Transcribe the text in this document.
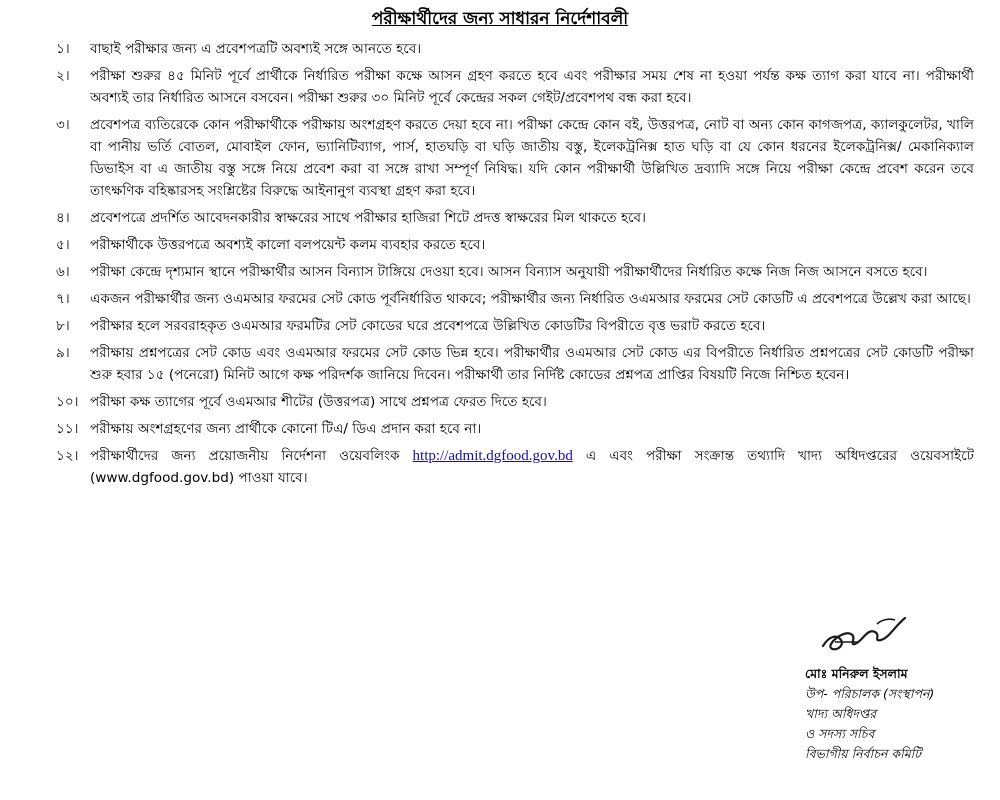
পরীক্ষার্থীদের জন্য সাধারন নির্দেশাবলী
১।	বাছাই পরীক্ষার জন্য এ প্রবেশপত্রটি অবশ্যই সঙ্গে আনতে হবে।
২।	পরীক্ষা শুরুর ৪৫ মিনিট পূর্বে প্রার্থীকে নির্ধারিত পরীক্ষা কক্ষে আসন গ্রহণ করতে হবে এবং পরীক্ষার সময় শেষ না হওয়া পর্যন্ত কক্ষ ত্যাগ করা যাবে না। পরীক্ষার্থী অবশ্যই তার নির্ধারিত আসনে বসবেন। পরীক্ষা শুরুর ৩০ মিনিট পূর্বে কেন্দ্রের সকল গেইট/প্রবেশপথ বন্ধ করা হবে।
৩।	প্রবেশপত্র ব্যতিরেকে কোন পরীক্ষার্থীকে পরীক্ষায় অংশগ্রহণ করতে দেয়া হবে না। পরীক্ষা কেন্দ্রে কোন বই, উত্তরপত্র, নোট বা অন্য কোন কাগজপত্র, ক্যালকুলেটর, খালি বা পানীয় ভর্তি বোতল, মোবাইল ফোন, ভ্যানিটিব্যাগ, পার্স, হাতঘড়ি বা ঘড়ি জাতীয় বস্তু, ইলেকট্রনিক্স হাত ঘড়ি বা যে কোন ধরনের ইলেকট্রনিক্স/ মেকানিক্যাল ডিভাইস বা এ জাতীয় বস্তু সঙ্গে নিয়ে প্রবেশ করা বা সঙ্গে রাখা সম্পূর্ণ নিষিদ্ধ। যদি কোন পরীক্ষার্থী উল্লিখিত দ্রব্যাদি সঙ্গে নিয়ে পরীক্ষা কেন্দ্রে প্রবেশ করেন তবে তাৎক্ষণিক বহিষ্কারসহ সংশ্লিষ্টের বিরুদ্ধে আইনানুগ ব্যবস্থা গ্রহণ করা হবে।
৪।	প্রবেশপত্রে প্রদর্শিত আবেদনকারীর স্বাক্ষরের সাথে পরীক্ষার হাজিরা শিটে প্রদত্ত স্বাক্ষরের মিল থাকতে হবে।
৫।	পরীক্ষার্থীকে উত্তরপত্রে অবশ্যই কালো বলপয়েন্ট কলম ব্যবহার করতে হবে।
৬।	পরীক্ষা কেন্দ্রে দৃশ্যমান স্থানে পরীক্ষার্থীর আসন বিন্যাস টাঙ্গিয়ে দেওয়া হবে। আসন বিন্যাস অনুযায়ী পরীক্ষার্থীদের নির্ধারিত কক্ষে নিজ নিজ আসনে বসতে হবে।
৭।	একজন পরীক্ষার্থীর জন্য ওএমআর ফরমের সেট কোড পূর্বনির্ধারিত থাকবে; পরীক্ষার্থীর জন্য নির্ধারিত ওএমআর ফরমের সেট কোডটি এ প্রবেশপত্রে উল্লেখ করা আছে।
৮।	পরীক্ষার হলে সরবরাহকৃত ওএমআর ফরমটির সেট কোডের ঘরে প্রবেশপত্রে উল্লিখিত কোডটির বিপরীতে বৃত্ত ভরাট করতে হবে।
৯।	পরীক্ষায় প্রশ্নপত্রের সেট কোড এবং ওএমআর ফরমের সেট কোড ভিন্ন হবে। পরীক্ষার্থীর ওএমআর সেট কোড এর বিপরীতে নির্ধারিত প্রশ্নপত্রের সেট কোডটি পরীক্ষা শুরু হবার ১৫ (পনেরো) মিনিট আগে কক্ষ পরিদর্শক জানিয়ে দিবেন। পরীক্ষার্থী তার নির্দিষ্ট কোডের প্রশ্নপত্র প্রাপ্তির বিষয়টি নিজে নিশ্চিত হবেন।
১০। পরীক্ষা কক্ষ ত্যাগের পূর্বে ওএমআর শীটের (উত্তরপত্র) সাথে প্রশ্নপত্র ফেরত দিতে হবে।
১১। পরীক্ষায় অংশগ্রহণের জন্য প্রার্থীকে কোনো টিএ/ ডিএ প্রদান করা হবে না।
১২। পরীক্ষার্থীদের জন্য প্রয়োজনীয় নির্দেশনা ওয়েবলিংক http://admit.dgfood.gov.bd এ এবং পরীক্ষা সংক্রান্ত তথ্যাদি খাদ্য অধিদপ্তরের ওয়েবসাইটে (www.dgfood.gov.bd) পাওয়া যাবে।
মোঃ মনিরুল ইসলাম
উপ- পরিচালক (সংস্থাপন)
খাদ্য অধিদপ্তর
ও সদস্য সচিব
বিভাগীয় নির্বাচন কমিটি
